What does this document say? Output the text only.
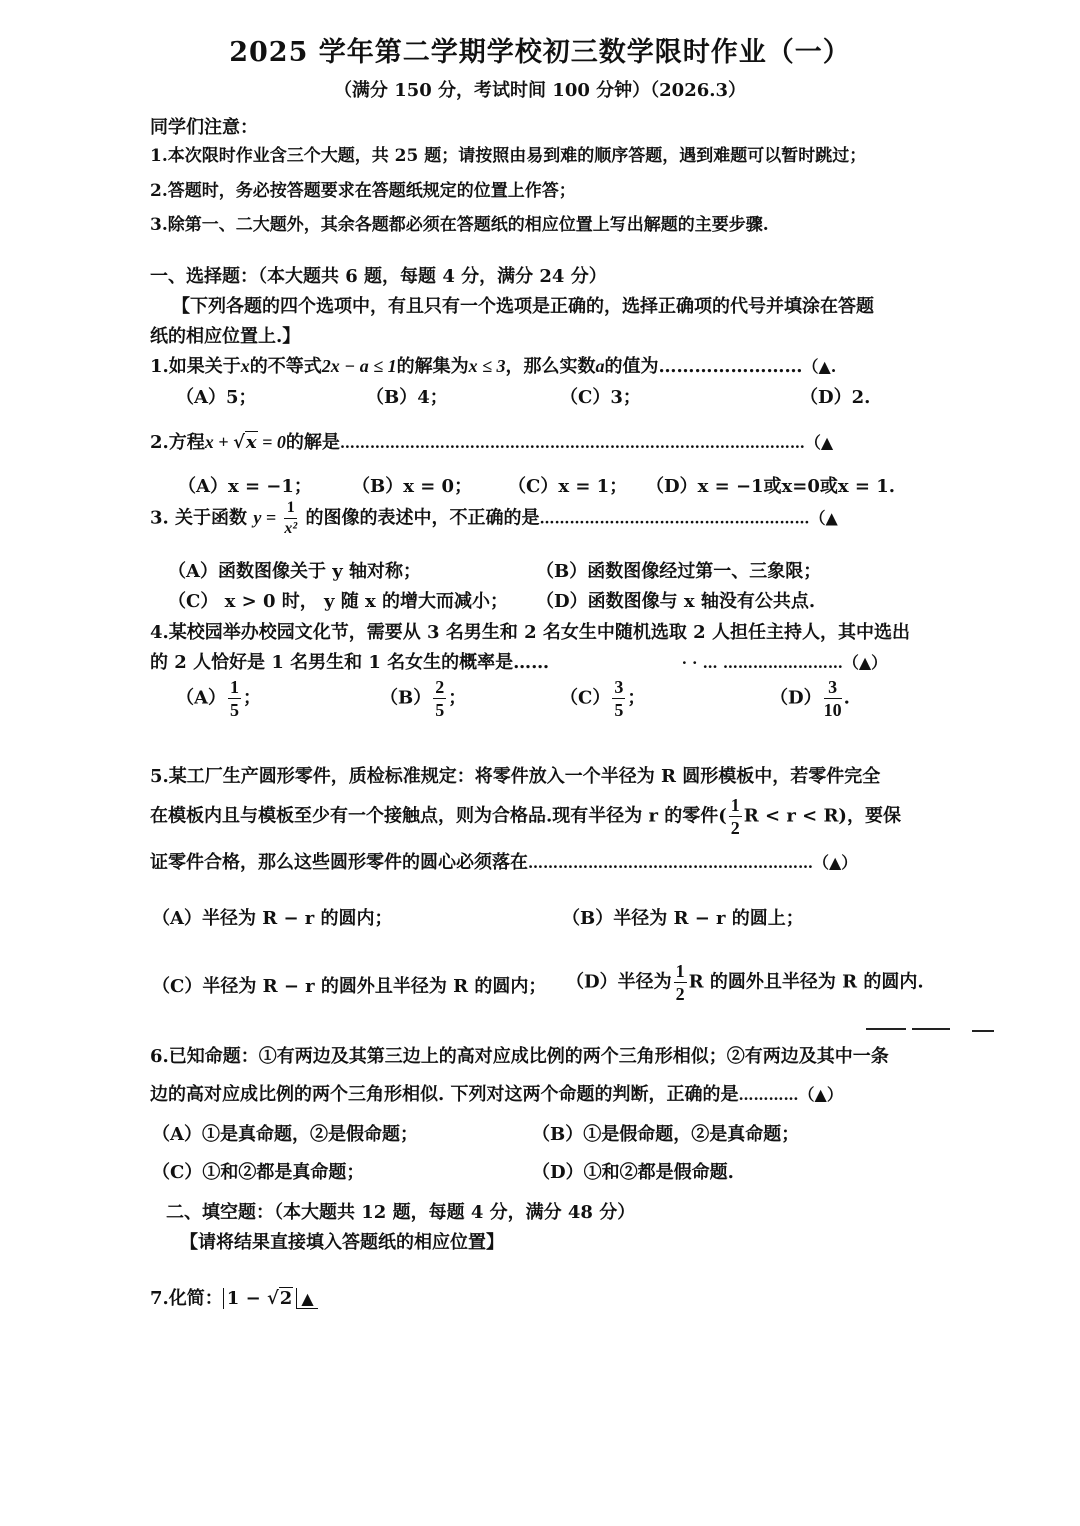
2025 学年第二学期学校初三数学限时作业（一）
（满分 150 分，考试时间 100 分钟）（2026.3）
同学们注意：
1.本次限时作业含三个大题，共 25 题；请按照由易到难的顺序答题，遇到难题可以暂时跳过；
2.答题时，务必按答题要求在答题纸规定的位置上作答；
3.除第一、二大题外，其余各题都必须在答题纸的相应位置上写出解题的主要步骤.
一、选择题：（本大题共 6 题，每题 4 分，满分 24 分）
【下列各题的四个选项中，有且只有一个选项是正确的，选择正确项的代号并填涂在答题
纸的相应位置上.】
1.如果关于x的不等式2x − a ≤ 1的解集为x ≤ 3，那么实数a的值为……………………（▲.
（A）5；	（B）4；	（C）3；	（D）2.
2.方程x + √x = 0的解是…………………………………………………………………………………（▲
（A）x = −1； （B）x = 0； （C）x = 1； （D）x = −1或x=0或x = 1.
3. 关于函数 $y = \frac{1}{\text{x²}}$ 的图像的表述中，不正确的是………………………………………………（▲
（A）函数图像关于 y 轴对称；	（B）函数图像经过第一、三象限；
（C） x > 0 时， y 随 x 的增大而减小； （D）函数图像与 x 轴没有公共点.
4.某校园举办校园文化节，需要从 3 名男生和 2 名女生中随机选取 2 人担任主持人，其中选出
的 2 人恰好是 1 名男生和 1 名女生的概率是……	· · … ……………………（▲）
$(A) \frac{1}{5}$ ；	$(B) \frac{2}{5}$ ；	$(C) \frac{3}{5}$ ；	$(D) \frac{3}{10}$ .
5.某工厂生产圆形零件，质检标准规定：将零件放入一个半径为 R 圆形模板中，若零件完全
在模板内且与模板至少有一个接触点，则为合格品.现有半径为 r 的零件( $\frac{1}{2}$ R < r < R)，要保
证零件合格，那么这些圆形零件的圆心必须落在…………………………………………………（▲）
（A）半径为 R − r 的圆内；	（B）半径为 R − r 的圆上；
（C）半径为 R − r 的圆外且半径为 R 的圆内； （D）半径为 $\frac{1}{2}$ R 的圆外且半径为 R 的圆内.
6.已知命题：①有两边及其第三边上的高对应成比例的两个三角形相似；②有两边及其中一条
边的高对应成比例的两个三角形相似. 下列对这两个命题的判断，正确的是…………（▲）
（A）①是真命题，②是假命题；	（B）①是假命题，②是真命题；
（C）①和②都是真命题；	（D）①和②都是假命题.
二、填空题：（本大题共 12 题，每题 4 分，满分 48 分）
【请将结果直接填入答题纸的相应位置】
7.化简： 1 − √2 ▲
